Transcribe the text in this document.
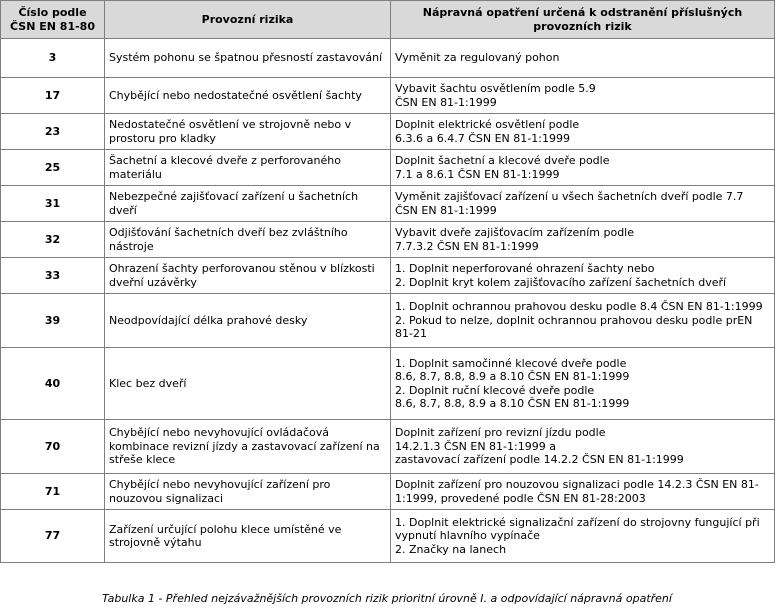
Číslo podle ČSN EN 81-80	Provozní rizika	Nápravná opatření určená k odstranění příslušných provozních rizik
3	Systém pohonu se špatnou přesností zastavování	Vyměnit za regulovaný pohon

17	Chybějící nebo nedostatečné osvětlení šachty	Vybavit šachtu osvětlením podle 5.9
ČSN EN 81-1:1999

23	Nedostatečné osvětlení ve strojovně nebo v prostoru pro kladky	Doplnit elektrické osvětlení podle
6.3.6 a 6.4.7 ČSN EN 81-1:1999

25	Šachetní a klecové dveře z perforovaného materiálu	Doplnit šachetní a klecové dveře podle
7.1 a 8.6.1 ČSN EN 81-1:1999

31	Nebezpečné zajišťovací zařízení u šachetních dveří	Vyměnit zajišťovací zařízení u všech šachetních dveří podle 7.7
ČSN EN 81-1:1999

32	Odjišťování šachetních dveří bez zvláštního nástroje	Vybavit dveře zajišťovacím zařízením podle
7.7.3.2 ČSN EN 81-1:1999

33	Ohrazení šachty perforovanou stěnou v blízkosti dveřní uzávěrky	1. Doplnit neperforované ohrazení šachty nebo
2. Doplnit kryt kolem zajišťovacího zařízení šachetních dveří

39	Neodpovídající délka prahové desky	1. Doplnit ochrannou prahovou desku podle 8.4 ČSN EN 81-1:1999
2. Pokud to nelze, doplnit ochrannou prahovou desku podle prEN 81-21

40	Klec bez dveří	1. Doplnit samočinné klecové dveře podle
8.6, 8.7, 8.8, 8.9 a 8.10 ČSN EN 81-1:1999
2. Doplnit ruční klecové dveře podle
8.6, 8.7, 8.8, 8.9 a 8.10 ČSN EN 81-1:1999

70	Chybějící nebo nevyhovující ovládačová kombinace revizní jízdy a zastavovací zařízení na střeše klece	Doplnit zařízení pro revizní jízdu podle
14.2.1.3 ČSN EN 81-1:1999 a
zastavovací zařízení podle 14.2.2 ČSN EN 81-1:1999

71	Chybějící nebo nevyhovující zařízení pro nouzovou signalizaci	Doplnit zařízení pro nouzovou signalizaci podle 14.2.3 ČSN EN 81-1:1999, provedené podle ČSN EN 81-28:2003

77	Zařízení určující polohu klece umístěné ve strojovně výtahu	1. Doplnit elektrické signalizační zařízení do strojovny fungující při vypnutí hlavního vypínače
2. Značky na lanech
Tabulka 1 - Přehled nejzávažnějších provozních rizik prioritní úrovně I. a odpovídající nápravná opatření
